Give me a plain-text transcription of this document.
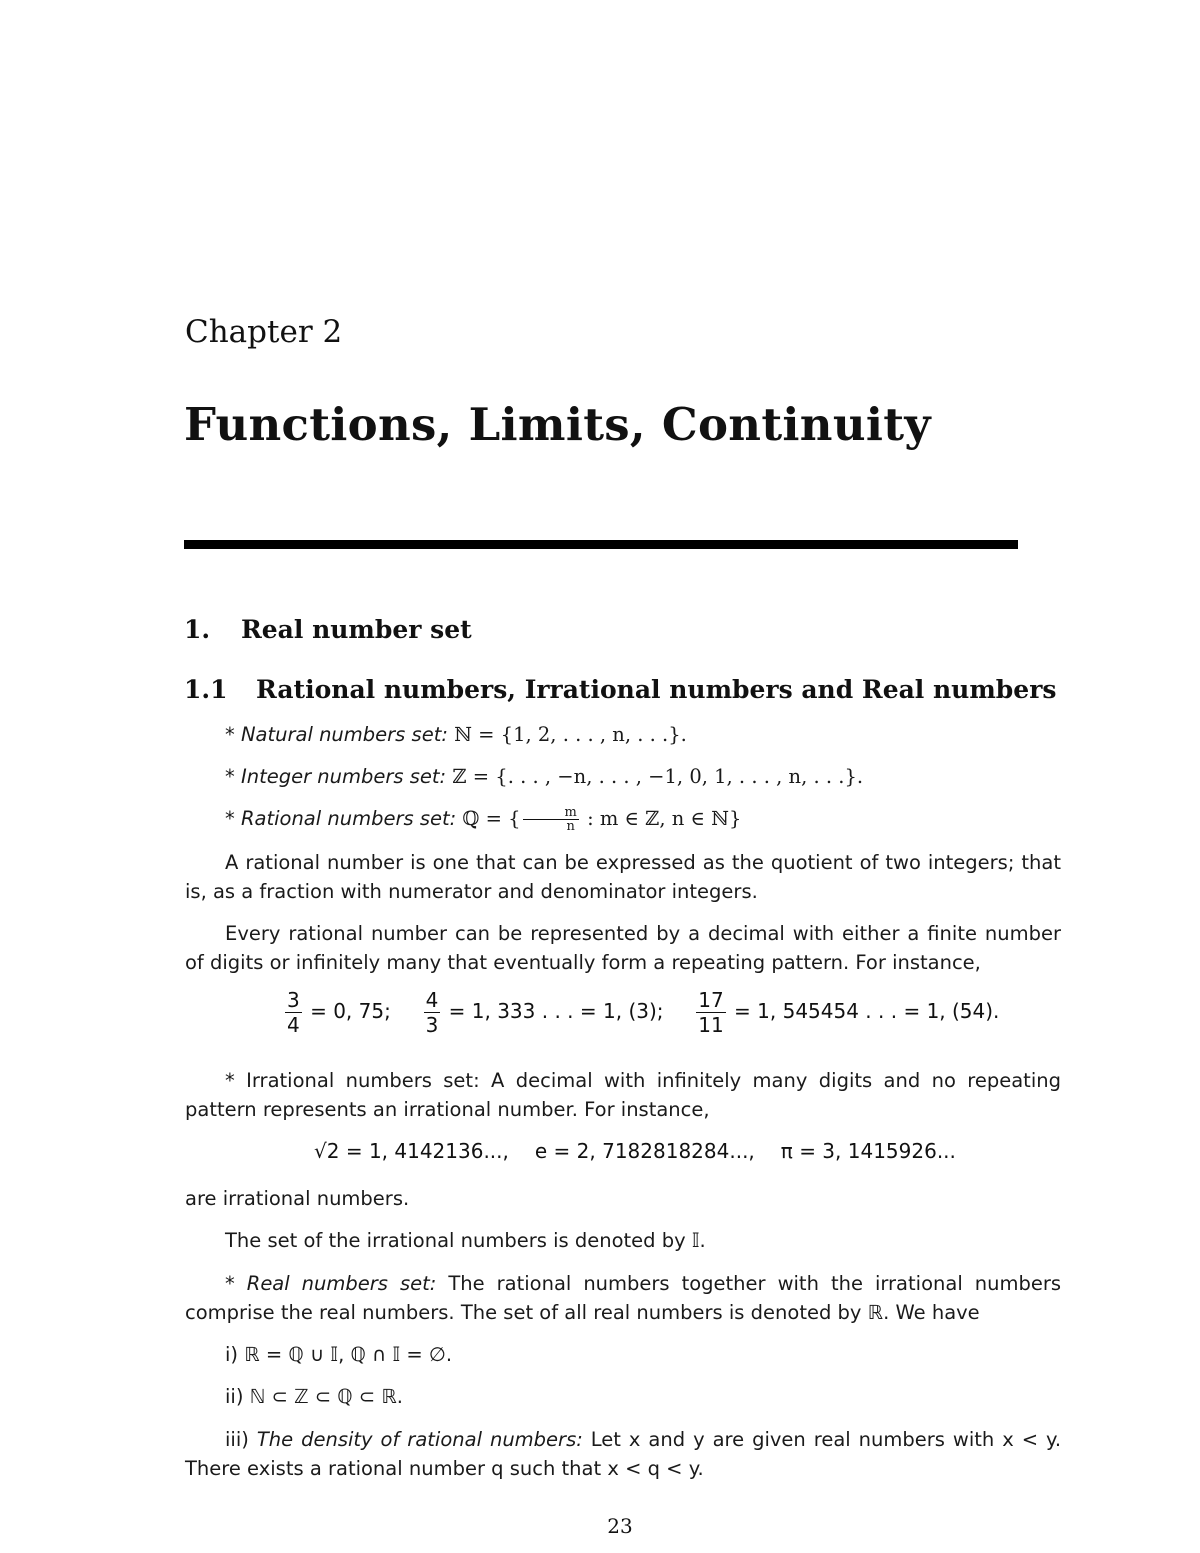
Chapter 2
Functions, Limits, Continuity
1. Real number set
1.1 Rational numbers, Irrational numbers and Real numbers
* Natural numbers set: ℕ = {1, 2, . . . , n, . . .}.
* Integer numbers set: ℤ = {. . . , −n, . . . , −1, 0, 1, . . . , n, . . .}.
* Rational numbers set: ℚ = { $\frac{m}{n}$ : m ∈ ℤ, n ∈ ℕ}
A rational number is one that can be expressed as the quotient of two integers; that is, as a fraction with numerator and denominator integers.
Every rational number can be represented by a decimal with either a finite number of digits or infinitely many that eventually form a repeating pattern. For instance,
$\frac{3}{4} = 0$, 75; $\frac{4}{3} = 1$, 333 . . . = 1, (3); $\frac{17}{11} = 1$, 545454 . . . = 1, (54).
* Irrational numbers set: A decimal with infinitely many digits and no repeating pattern represents an irrational number. For instance,
√2 = 1, 4142136..., e = 2, 7182818284..., π = 3, 1415926...
are irrational numbers.
The set of the irrational numbers is denoted by 𝕀.
* Real numbers set: The rational numbers together with the irrational numbers comprise the real numbers. The set of all real numbers is denoted by ℝ. We have
i) ℝ = ℚ ∪ 𝕀, ℚ ∩ 𝕀 = ∅.
ii) ℕ ⊂ ℤ ⊂ ℚ ⊂ ℝ.
iii) The density of rational numbers: Let x and y are given real numbers with x < y. There exists a rational number q such that x < q < y.
23
